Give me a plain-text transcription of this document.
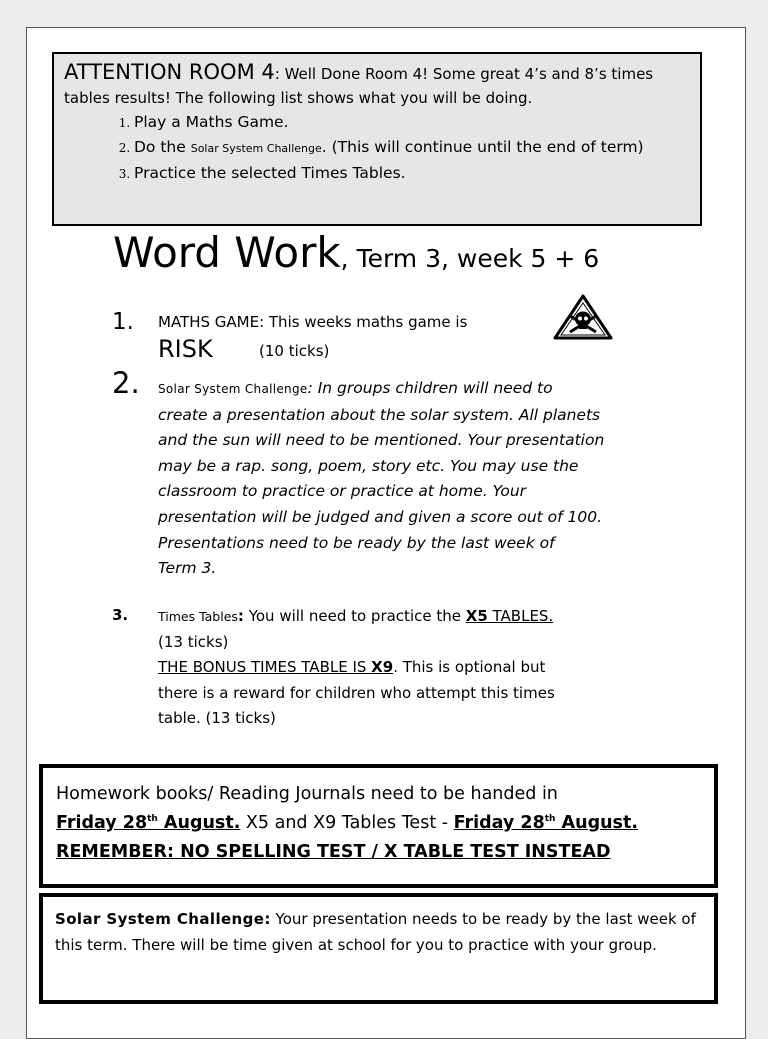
ATTENTION ROOM 4: Well Done Room 4! Some great 4’s and 8’s times tables results! The following list shows what you will be doing.
1. Play a Maths Game.
2. Do the Solar System Challenge. (This will continue until the end of term)
3. Practice the selected Times Tables.
Word Work, Term 3, week 5 + 6
1. MATHS GAME: This weeks maths game is
RISK	(10 ticks)
2. Solar System Challenge: In groups children will need to
create a presentation about the solar system. All planets
and the sun will need to be mentioned. Your presentation
may be a rap. song, poem, story etc. You may use the
classroom to practice or practice at home. Your
presentation will be judged and given a score out of 100.
Presentations need to be ready by the last week of
Term 3.
3. Times Tables: You will need to practice the X5 TABLES.
(13 ticks)
THE BONUS TIMES TABLE IS X9. This is optional but
there is a reward for children who attempt this times
table. (13 ticks)
Homework books/ Reading Journals need to be handed in
Friday 28th August. X5 and X9 Tables Test - Friday 28th August.
REMEMBER: NO SPELLING TEST / X TABLE TEST INSTEAD
Solar System Challenge: Your presentation needs to be ready by the last week of this term. There will be time given at school for you to practice with your group.
